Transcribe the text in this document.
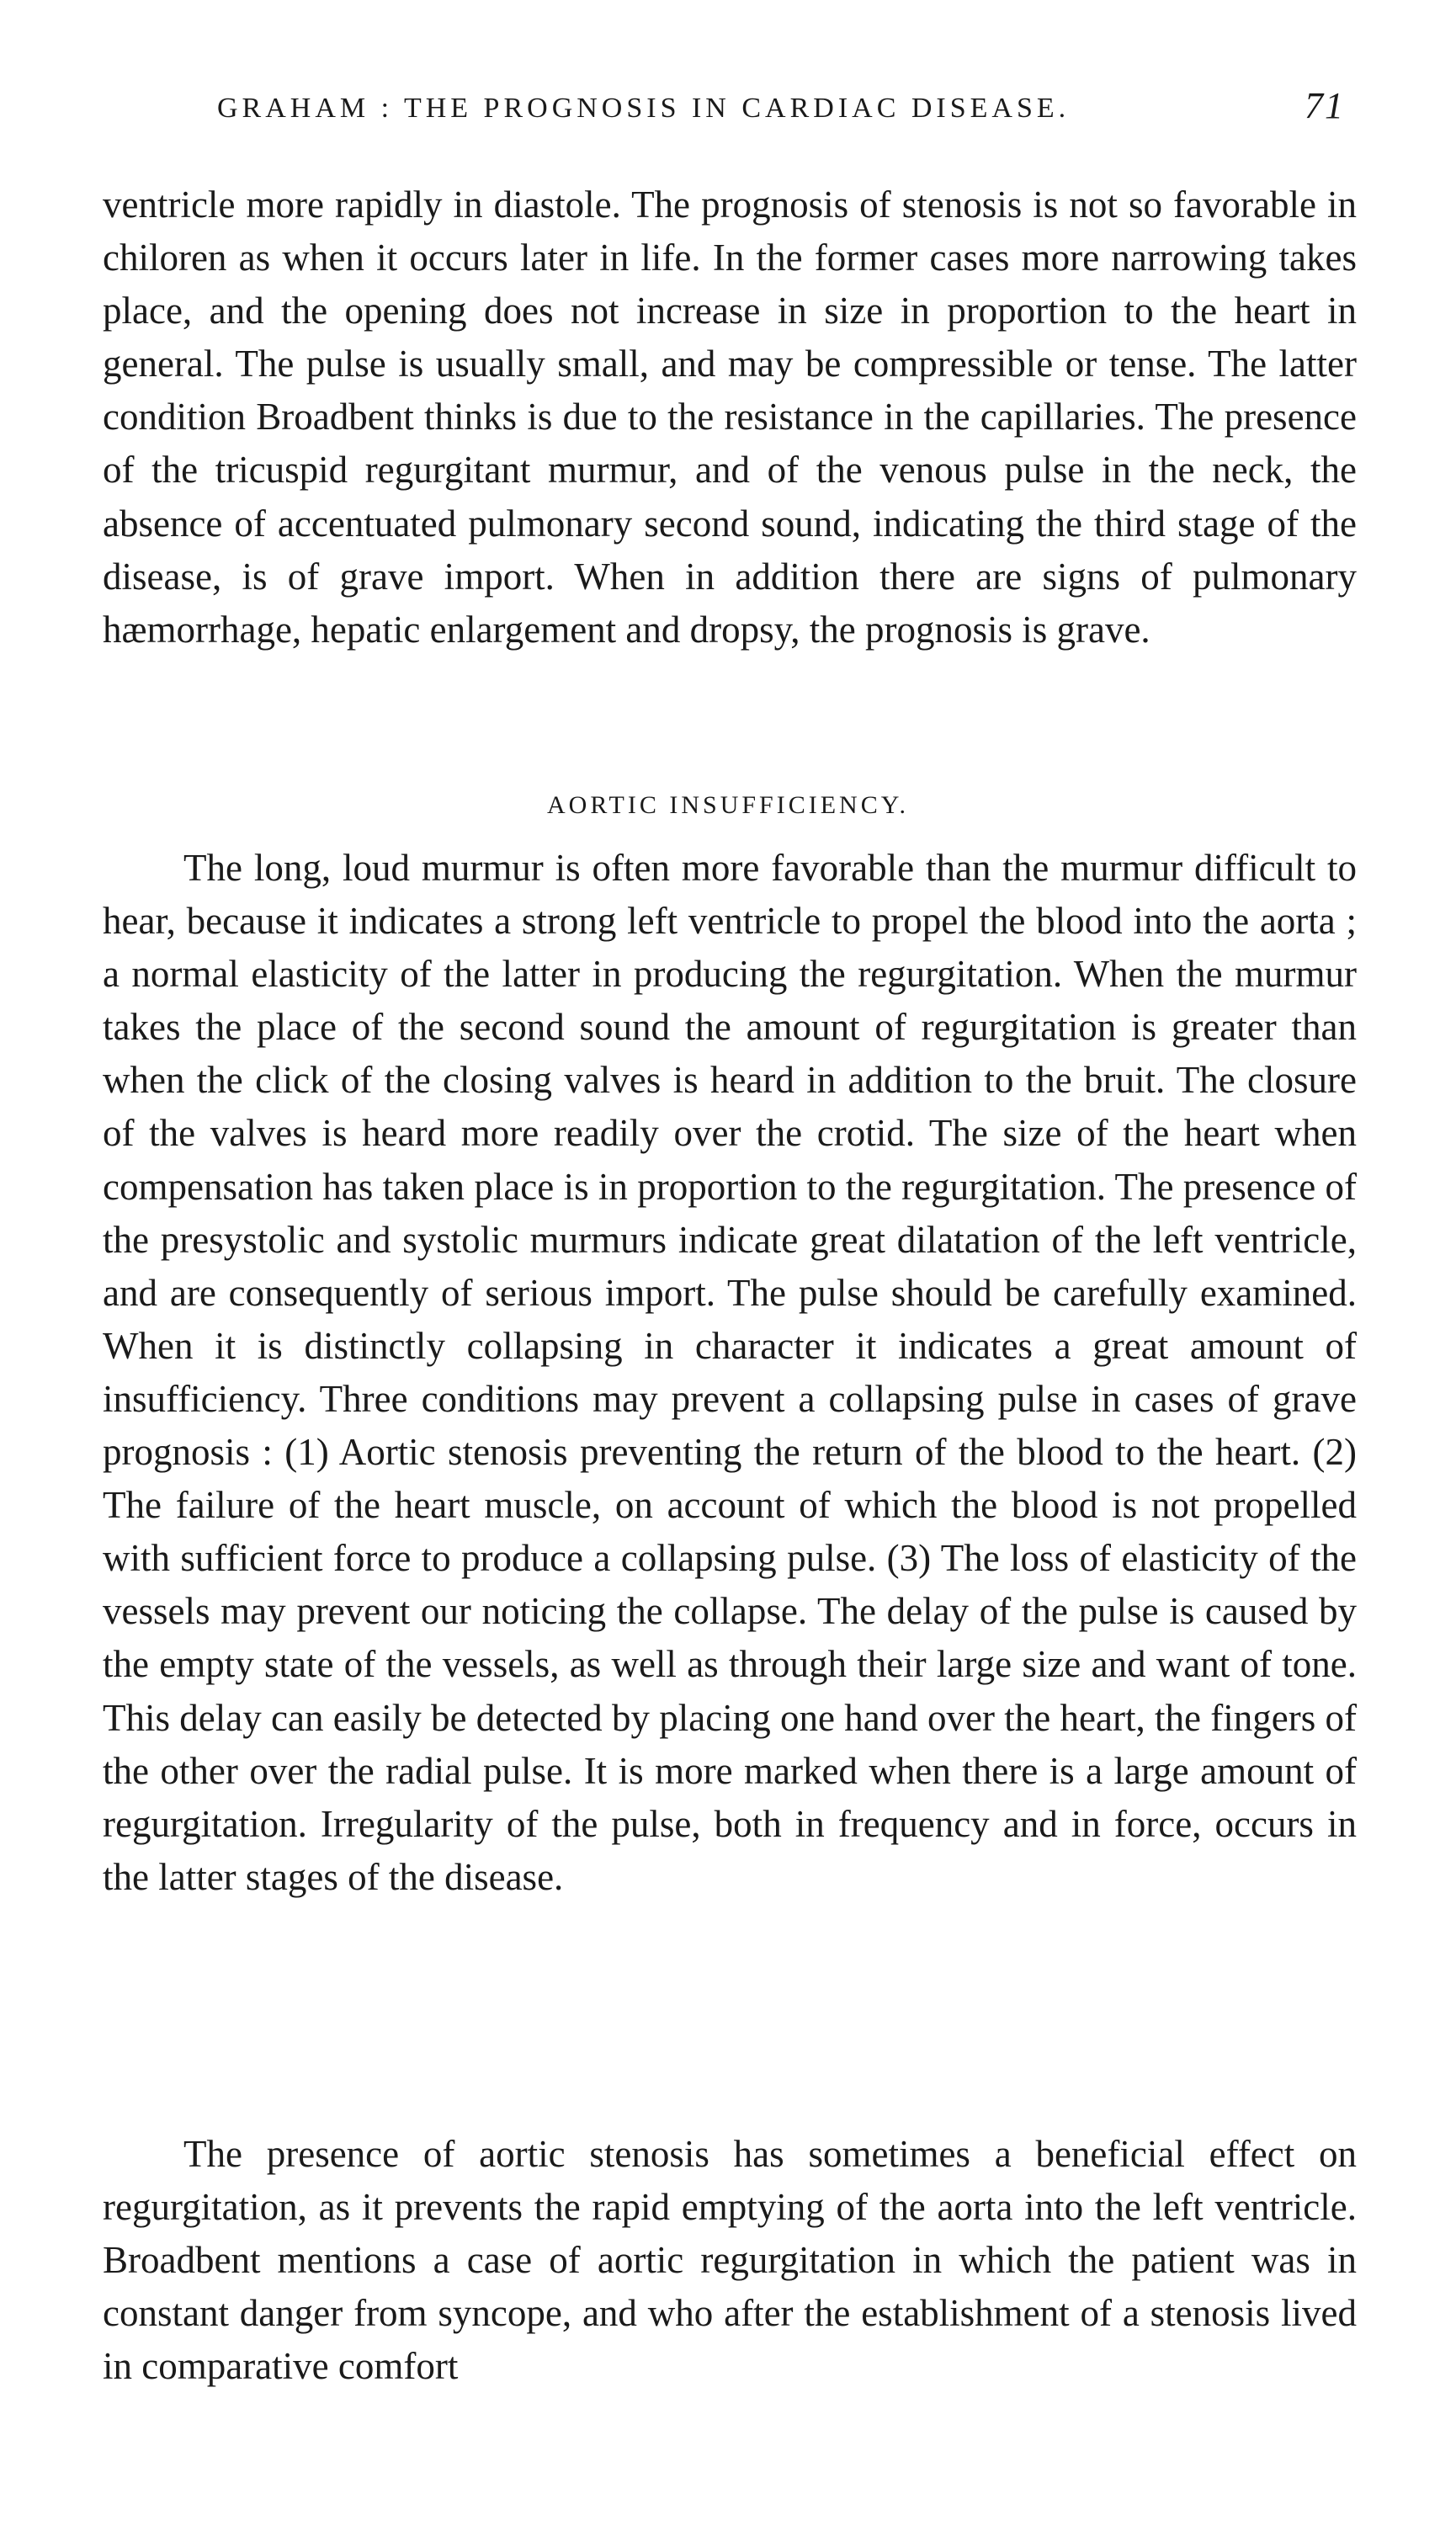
GRAHAM : THE PROGNOSIS IN CARDIAC DISEASE.	71

ventricle more rapidly in diastole. The prognosis of stenosis is not so favorable in chiloren as when it occurs later in life. In the former cases more narrowing takes place, and the opening does not increase in size in proportion to the heart in general. The pulse is usually small, and may be compressible or tense. The latter condition Broadbent thinks is due to the resistance in the capillaries. The presence of the tricuspid regurgitant murmur, and of the venous pulse in the neck, the absence of accentuated pulmonary second sound, indicating the third stage of the disease, is of grave import. When in addition there are signs of pulmonary hæmorrhage, hepatic enlargement and dropsy, the prognosis is grave.

AORTIC INSUFFICIENCY.

The long, loud murmur is often more favorable than the murmur difficult to hear, because it indicates a strong left ventricle to propel the blood into the aorta ; a normal elasticity of the latter in producing the regurgitation. When the murmur takes the place of the second sound the amount of regurgitation is greater than when the click of the closing valves is heard in addition to the bruit. The closure of the valves is heard more readily over the crotid. The size of the heart when compensation has taken place is in proportion to the regurgitation. The presence of the presystolic and systolic murmurs indicate great dilatation of the left ventricle, and are consequently of serious import. The pulse should be carefully examined. When it is distinctly collapsing in character it indicates a great amount of insufficiency. Three conditions may prevent a collapsing pulse in cases of grave prognosis : (1) Aortic stenosis preventing the return of the blood to the heart. (2) The failure of the heart muscle, on account of which the blood is not propelled with sufficient force to produce a collapsing pulse. (3) The loss of elasticity of the vessels may prevent our noticing the collapse. The delay of the pulse is caused by the empty state of the vessels, as well as through their large size and want of tone. This delay can easily be detected by placing one hand over the heart, the fingers of the other over the radial pulse. It is more marked when there is a large amount of regurgitation. Irregularity of the pulse, both in frequency and in force, occurs in the latter stages of the disease.

The presence of aortic stenosis has sometimes a beneficial effect on regurgitation, as it prevents the rapid emptying of the aorta into the left ventricle. Broadbent mentions a case of aortic regurgitation in which the patient was in constant danger from syncope, and who after the establishment of a stenosis lived in comparative comfort
